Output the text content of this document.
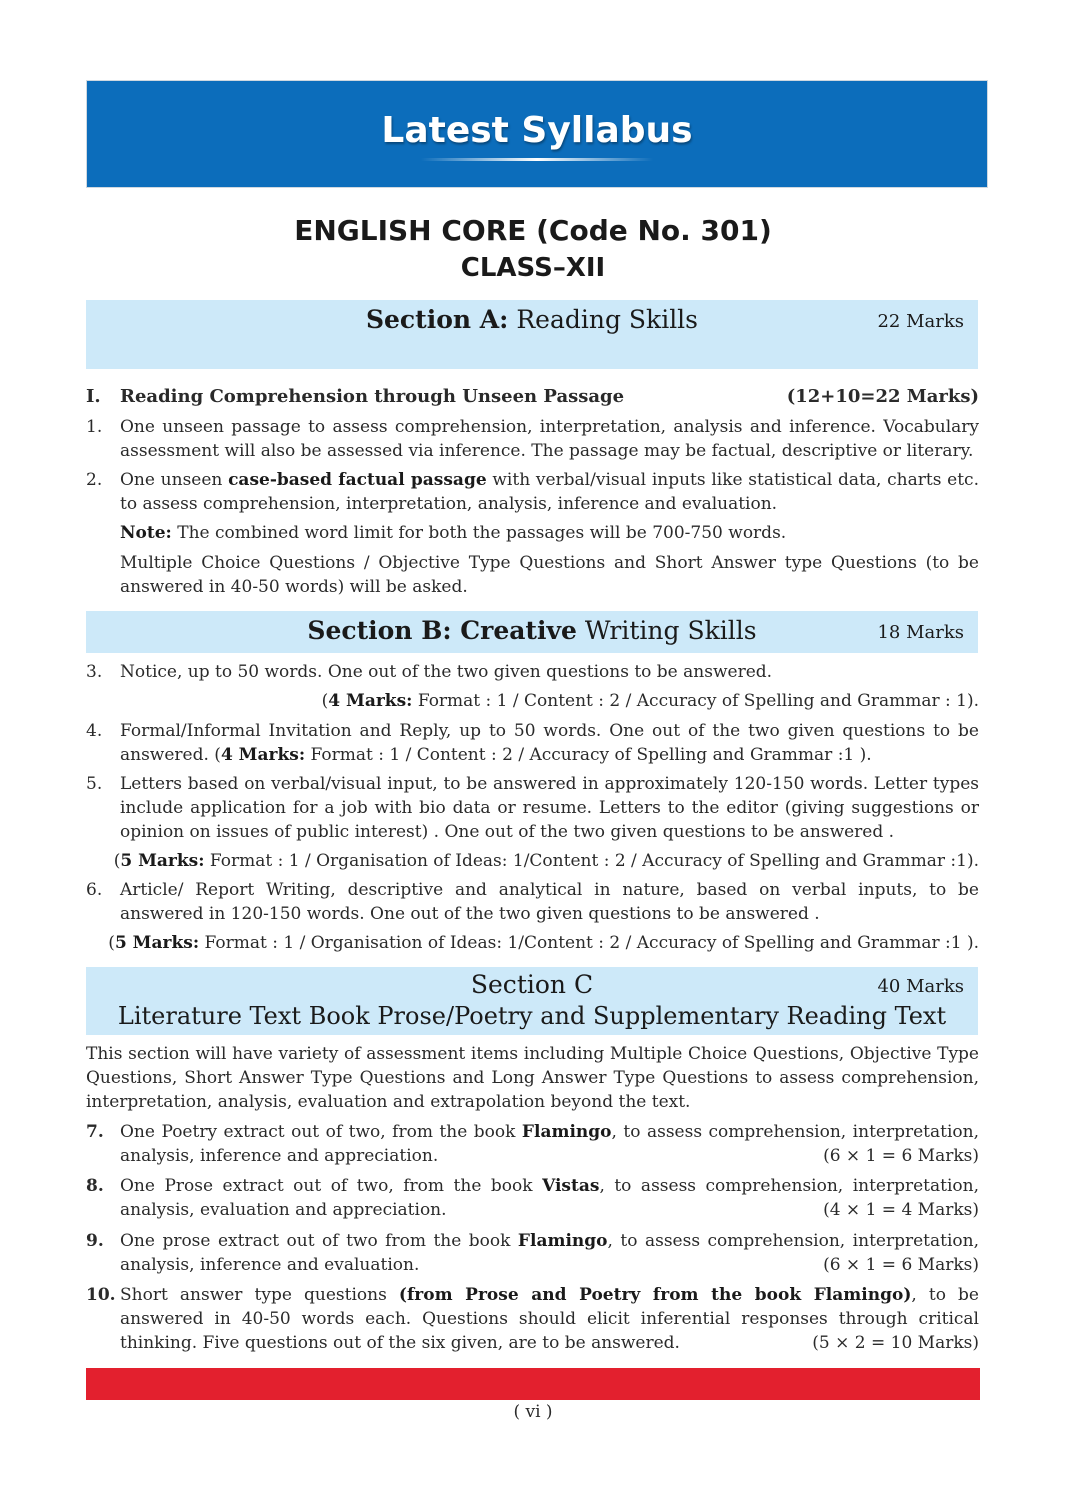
Latest Syllabus
ENGLISH CORE (Code No. 301)
CLASS–XII
Section A: Reading Skills	22 Marks
I. Reading Comprehension through Unseen Passage	(12+10=22 Marks)
1. One unseen passage to assess comprehension, interpretation, analysis and inference. Vocabulary assessment will also be assessed via inference. The passage may be factual, descriptive or literary.
2. One unseen case-based factual passage with verbal/visual inputs like statistical data, charts etc. to assess comprehension, interpretation, analysis, inference and evaluation.
Note: The combined word limit for both the passages will be 700-750 words.
Multiple Choice Questions / Objective Type Questions and Short Answer type Questions (to be answered in 40-50 words) will be asked.
Section B: Creative Writing Skills	18 Marks
3. Notice, up to 50 words. One out of the two given questions to be answered.
(4 Marks: Format : 1 / Content : 2 / Accuracy of Spelling and Grammar : 1).
4. Formal/Informal Invitation and Reply, up to 50 words. One out of the two given questions to be answered. (4 Marks: Format : 1 / Content : 2 / Accuracy of Spelling and Grammar :1 ).
5. Letters based on verbal/visual input, to be answered in approximately 120-150 words. Letter types include application for a job with bio data or resume. Letters to the editor (giving suggestions or opinion on issues of public interest) . One out of the two given questions to be answered .
(5 Marks: Format : 1 / Organisation of Ideas: 1/Content : 2 / Accuracy of Spelling and Grammar :1).
6. Article/ Report Writing, descriptive and analytical in nature, based on verbal inputs, to be answered in 120-150 words. One out of the two given questions to be answered .
(5 Marks: Format : 1 / Organisation of Ideas: 1/Content : 2 / Accuracy of Spelling and Grammar :1 ).
Section C	40 Marks
Literature Text Book Prose/Poetry and Supplementary Reading Text
This section will have variety of assessment items including Multiple Choice Questions, Objective Type Questions, Short Answer Type Questions and Long Answer Type Questions to assess comprehension, interpretation, analysis, evaluation and extrapolation beyond the text.
7. One Poetry extract out of two, from the book Flamingo, to assess comprehension, interpretation, analysis, inference and appreciation.	(6 × 1 = 6 Marks)
8. One Prose extract out of two, from the book Vistas, to assess comprehension, interpretation, analysis, evaluation and appreciation.	(4 × 1 = 4 Marks)
9. One prose extract out of two from the book Flamingo, to assess comprehension, interpretation, analysis, inference and evaluation.	(6 × 1 = 6 Marks)
10. Short answer type questions (from Prose and Poetry from the book Flamingo), to be answered in 40-50 words each. Questions should elicit inferential responses through critical thinking. Five questions out of the six given, are to be answered.	(5 × 2 = 10 Marks)
( vi )
